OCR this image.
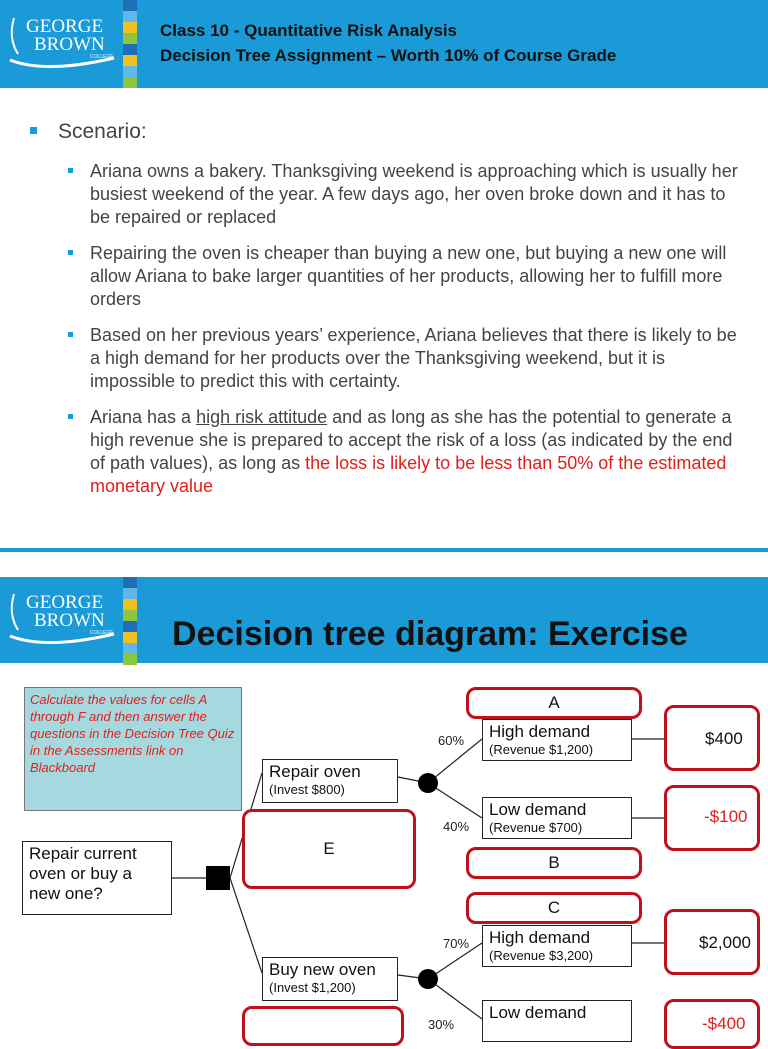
GEORGE
BROWN
COLLEGE
Class 10 - Quantitative Risk Analysis
Decision Tree Assignment – Worth 10% of Course Grade
Scenario:
Ariana owns a bakery. Thanksgiving weekend is approaching which is usually her busiest weekend of the year. A few days ago, her oven broke down and it has to be repaired or replaced
Repairing the oven is cheaper than buying a new one, but buying a new one will allow Ariana to bake larger quantities of her products, allowing her to fulfill more orders
Based on her previous years’ experience, Ariana believes that there is likely to be a high demand for her products over the Thanksgiving weekend, but it is impossible to predict this with certainty.
Ariana has a high risk attitude and as long as she has the potential to generate a high revenue she is prepared to accept the risk of a loss (as indicated by the end of path values), as long as the loss is likely to be less than 50% of the estimated monetary value
GEORGE
BROWN
COLLEGE Decision tree diagram: Exercise
Calculate the values for cells A through F and then answer the questions in the Decision Tree Quiz in the Assessments link on Blackboard
Repair current oven or buy a new one?
Repair oven
(Invest $800)
Buy new oven
(Invest $1,200)
E
A
B
C
High demand
(Revenue $1,200)
Low demand
(Revenue $700)
High demand
(Revenue $3,200)
Low demand
60%
40%
70%
30%
$400
-$100
$2,000
-$400
